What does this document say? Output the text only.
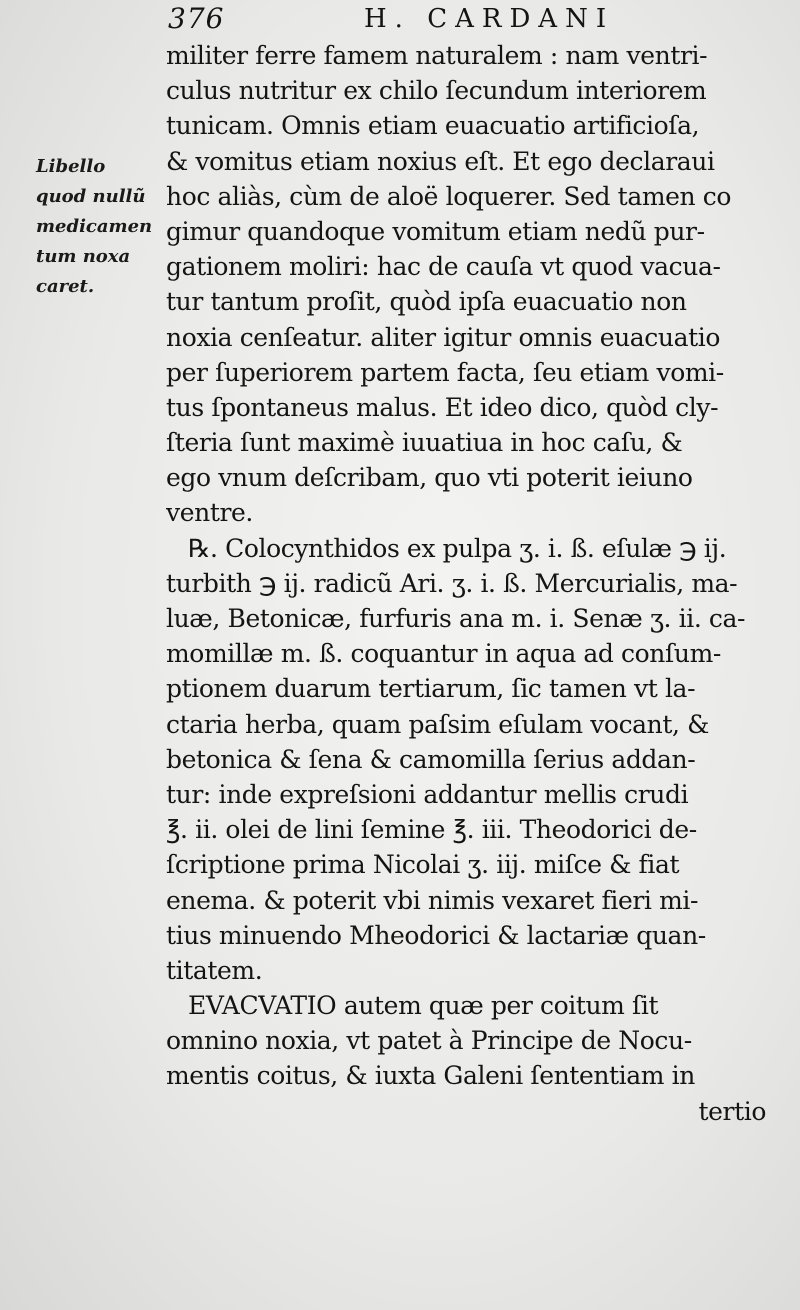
376	H. CARDANI
Libello
quod nullũ
medicamen
tum noxa
caret.
militer ferre famem naturalem : nam ventri-
culus nutritur ex chilo ſecundum interiorem
tunicam. Omnis etiam euacuatio artificioſa,
& vomitus etiam noxius eſt. Et ego declaraui
hoc aliàs, cùm de aloë loquerer. Sed tamen co
gimur quandoque vomitum etiam nedũ pur-
gationem moliri: hac de cauſa vt quod vacua-
tur tantum proſit, quòd ipſa euacuatio non
noxia cenſeatur. aliter igitur omnis euacuatio
per ſuperiorem partem facta, ſeu etiam vomi-
tus ſpontaneus malus. Et ideo dico, quòd cly-
ſteria ſunt maximè iuuatiua in hoc caſu, &
ego vnum deſcribam, quo vti poterit ieiuno
ventre.
℞. Colocynthidos ex pulpa ʒ. i. ß. eſulæ ℈ ij.
turbith ℈ ij. radicũ Ari. ʒ. i. ß. Mercurialis, ma-
luæ, Betonicæ, furfuris ana m. i. Senæ ʒ. ii. ca-
momillæ m. ß. coquantur in aqua ad conſum-
ptionem duarum tertiarum, ſic tamen vt la-
ctaria herba, quam paſsim eſulam vocant, &
betonica & ſena & camomilla ſerius addan-
tur: inde expreſsioni addantur mellis crudi
℥. ii. olei de lini ſemine ℥. iii. Theodorici de-
ſcriptione prima Nicolai ʒ. iij. miſce & fiat
enema. & poterit vbi nimis vexaret fieri mi-
tius minuendo Mheodorici & lactariæ quan-
titatem.
EVACVATIO autem quæ per coitum ſit
omnino noxia, vt patet à Principe de Nocu-
mentis coitus, & iuxta Galeni ſententiam in
tertio
